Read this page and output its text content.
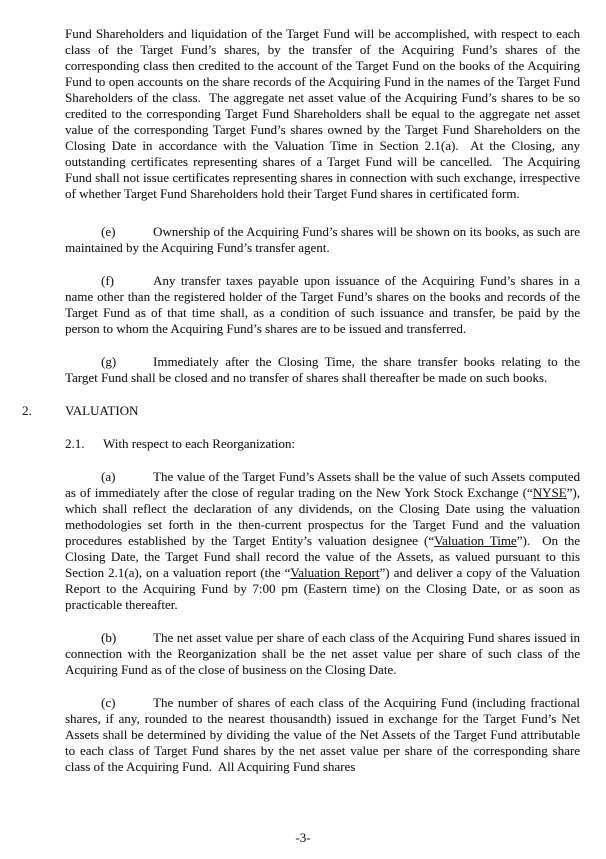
Fund Shareholders and liquidation of the Target Fund will be accomplished, with respect to each class of the Target Fund’s shares, by the transfer of the Acquiring Fund’s shares of the corresponding class then credited to the account of the Target Fund on the books of the Acquiring Fund to open accounts on the share records of the Acquiring Fund in the names of the Target Fund Shareholders of the class.  The aggregate net asset value of the Acquiring Fund’s shares to be so credited to the corresponding Target Fund Shareholders shall be equal to the aggregate net asset value of the corresponding Target Fund’s shares owned by the Target Fund Shareholders on the Closing Date in accordance with the Valuation Time in Section 2.1(a).  At the Closing, any outstanding certificates representing shares of a Target Fund will be cancelled.  The Acquiring Fund shall not issue certificates representing shares in connection with such exchange, irrespective of whether Target Fund Shareholders hold their Target Fund shares in certificated form.

(e)	Ownership of the Acquiring Fund’s shares will be shown on its books, as such are maintained by the Acquiring Fund’s transfer agent.

(f)	Any transfer taxes payable upon issuance of the Acquiring Fund’s shares in a name other than the registered holder of the Target Fund’s shares on the books and records of the Target Fund as of that time shall, as a condition of such issuance and transfer, be paid by the person to whom the Acquiring Fund’s shares are to be issued and transferred.

(g)	Immediately after the Closing Time, the share transfer books relating to the Target Fund shall be closed and no transfer of shares shall thereafter be made on such books.

2.	VALUATION

2.1. With respect to each Reorganization:

(a)	The value of the Target Fund’s Assets shall be the value of such Assets computed as of immediately after the close of regular trading on the New York Stock Exchange (“NYSE”), which shall reflect the declaration of any dividends, on the Closing Date using the valuation methodologies set forth in the then-current prospectus for the Target Fund and the valuation procedures established by the Target Entity’s valuation designee (“Valuation Time”).  On the Closing Date, the Target Fund shall record the value of the Assets, as valued pursuant to this Section 2.1(a), on a valuation report (the “Valuation Report”) and deliver a copy of the Valuation Report to the Acquiring Fund by 7:00 pm (Eastern time) on the Closing Date, or as soon as practicable thereafter.

(b)	The net asset value per share of each class of the Acquiring Fund shares issued in connection with the Reorganization shall be the net asset value per share of such class of the Acquiring Fund as of the close of business on the Closing Date.

(c)	The number of shares of each class of the Acquiring Fund (including fractional shares, if any, rounded to the nearest thousandth) issued in exchange for the Target Fund’s Net Assets shall be determined by dividing the value of the Net Assets of the Target Fund attributable to each class of Target Fund shares by the net asset value per share of the corresponding share class of the Acquiring Fund.  All Acquiring Fund shares

-3-
